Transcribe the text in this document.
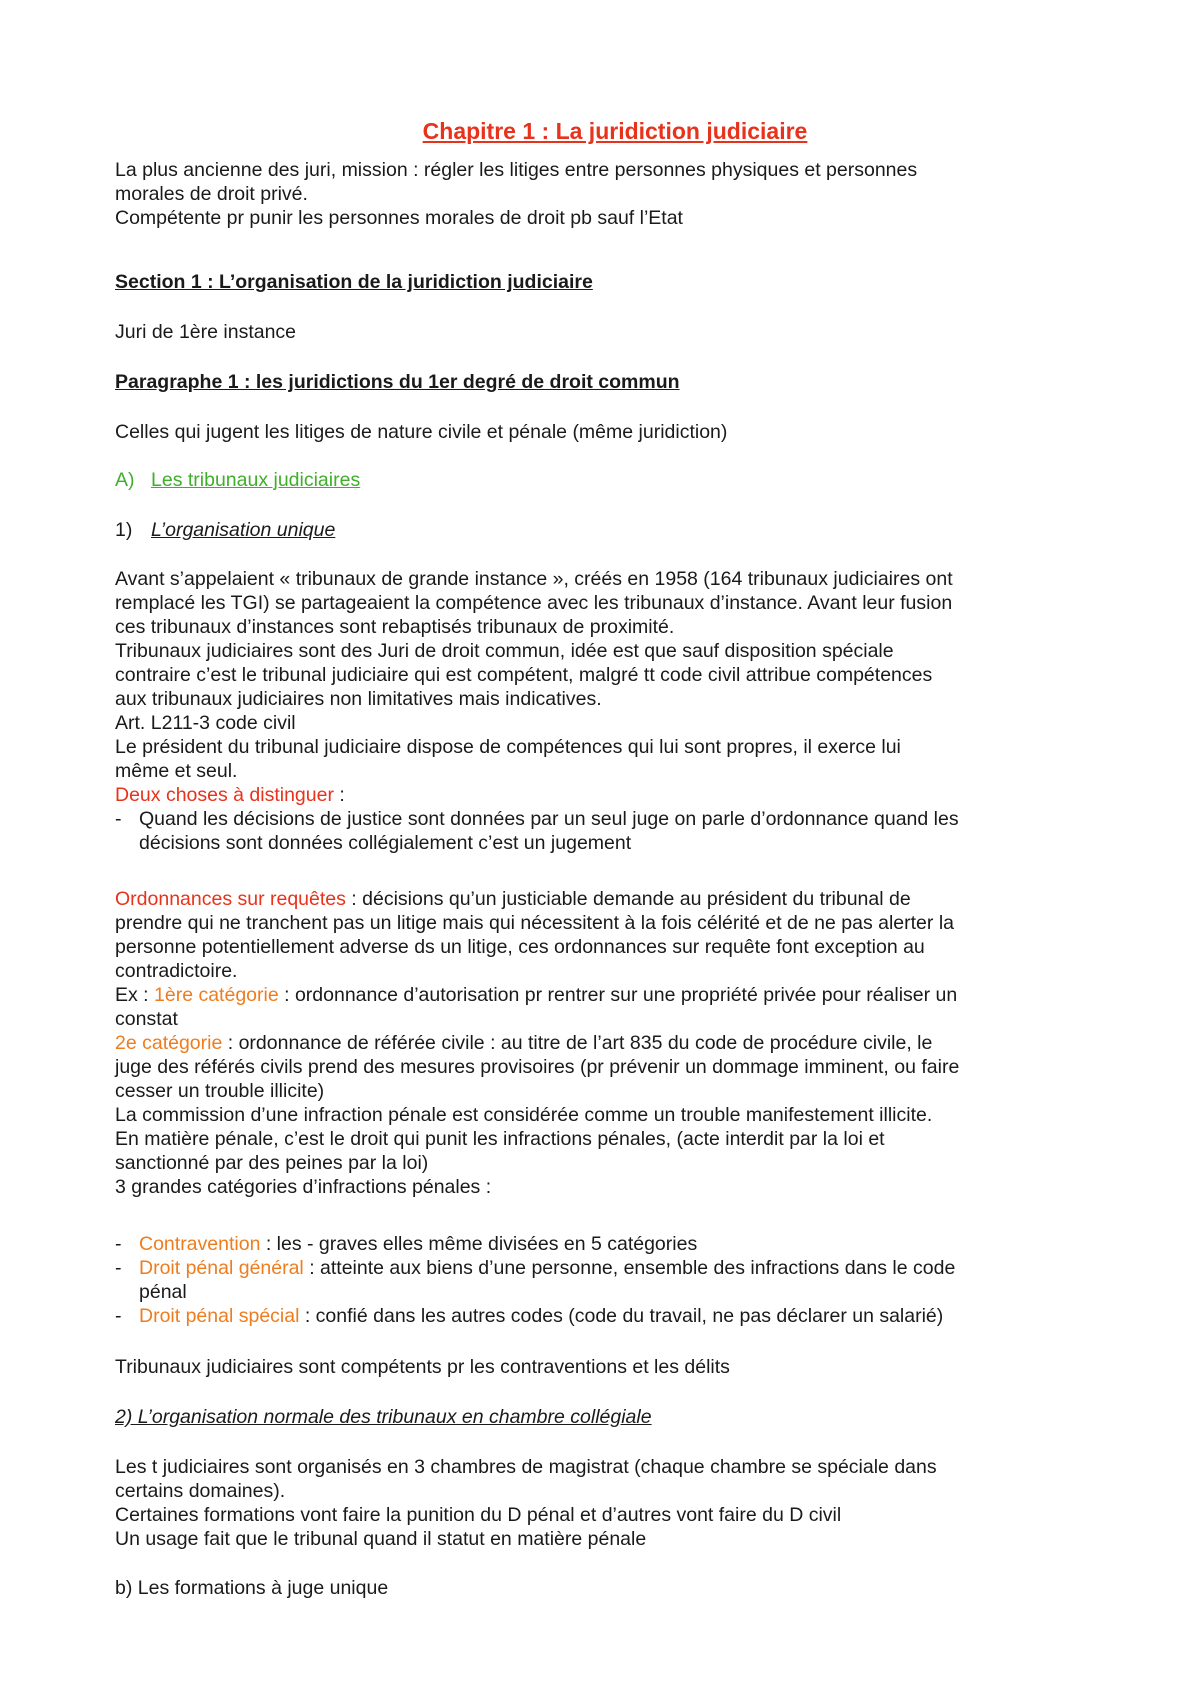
Chapitre 1 : La juridiction judiciaire
La plus ancienne des juri, mission : régler les litiges entre personnes physiques et personnes
morales de droit privé.
Compétente pr punir les personnes morales de droit pb sauf l’Etat
Section 1 : L’organisation de la juridiction judiciaire
Juri de 1ère instance
Paragraphe 1 : les juridictions du 1er degré de droit commun
Celles qui jugent les litiges de nature civile et pénale (même juridiction)
A) Les tribunaux judiciaires
1) L’organisation unique
Avant s’appelaient « tribunaux de grande instance », créés en 1958 (164 tribunaux judiciaires ont
remplacé les TGI) se partageaient la compétence avec les tribunaux d’instance. Avant leur fusion
ces tribunaux d’instances sont rebaptisés tribunaux de proximité.
Tribunaux judiciaires sont des Juri de droit commun, idée est que sauf disposition spéciale
contraire c’est le tribunal judiciaire qui est compétent, malgré tt code civil attribue compétences
aux tribunaux judiciaires non limitatives mais indicatives.
Art. L211-3 code civil
Le président du tribunal judiciaire dispose de compétences qui lui sont propres, il exerce lui
même et seul.
Deux choses à distinguer :
- Quand les décisions de justice sont données par un seul juge on parle d’ordonnance quand les
décisions sont données collégialement c’est un jugement
Ordonnances sur requêtes : décisions qu’un justiciable demande au président du tribunal de
prendre qui ne tranchent pas un litige mais qui nécessitent à la fois célérité et de ne pas alerter la
personne potentiellement adverse ds un litige, ces ordonnances sur requête font exception au
contradictoire.
Ex : 1ère catégorie : ordonnance d’autorisation pr rentrer sur une propriété privée pour réaliser un
constat
2e catégorie : ordonnance de référée civile : au titre de l’art 835 du code de procédure civile, le
juge des référés civils prend des mesures provisoires (pr prévenir un dommage imminent, ou faire
cesser un trouble illicite)
La commission d’une infraction pénale est considérée comme un trouble manifestement illicite.
En matière pénale, c’est le droit qui punit les infractions pénales, (acte interdit par la loi et
sanctionné par des peines par la loi)
3 grandes catégories d’infractions pénales :
- Contravention : les - graves elles même divisées en 5 catégories
- Droit pénal général : atteinte aux biens d’une personne, ensemble des infractions dans le code
pénal
- Droit pénal spécial : confié dans les autres codes (code du travail, ne pas déclarer un salarié)
Tribunaux judiciaires sont compétents pr les contraventions et les délits
2) L’organisation normale des tribunaux en chambre collégiale
Les t judiciaires sont organisés en 3 chambres de magistrat (chaque chambre se spéciale dans
certains domaines).
Certaines formations vont faire la punition du D pénal et d’autres vont faire du D civil
Un usage fait que le tribunal quand il statut en matière pénale
b) Les formations à juge unique
